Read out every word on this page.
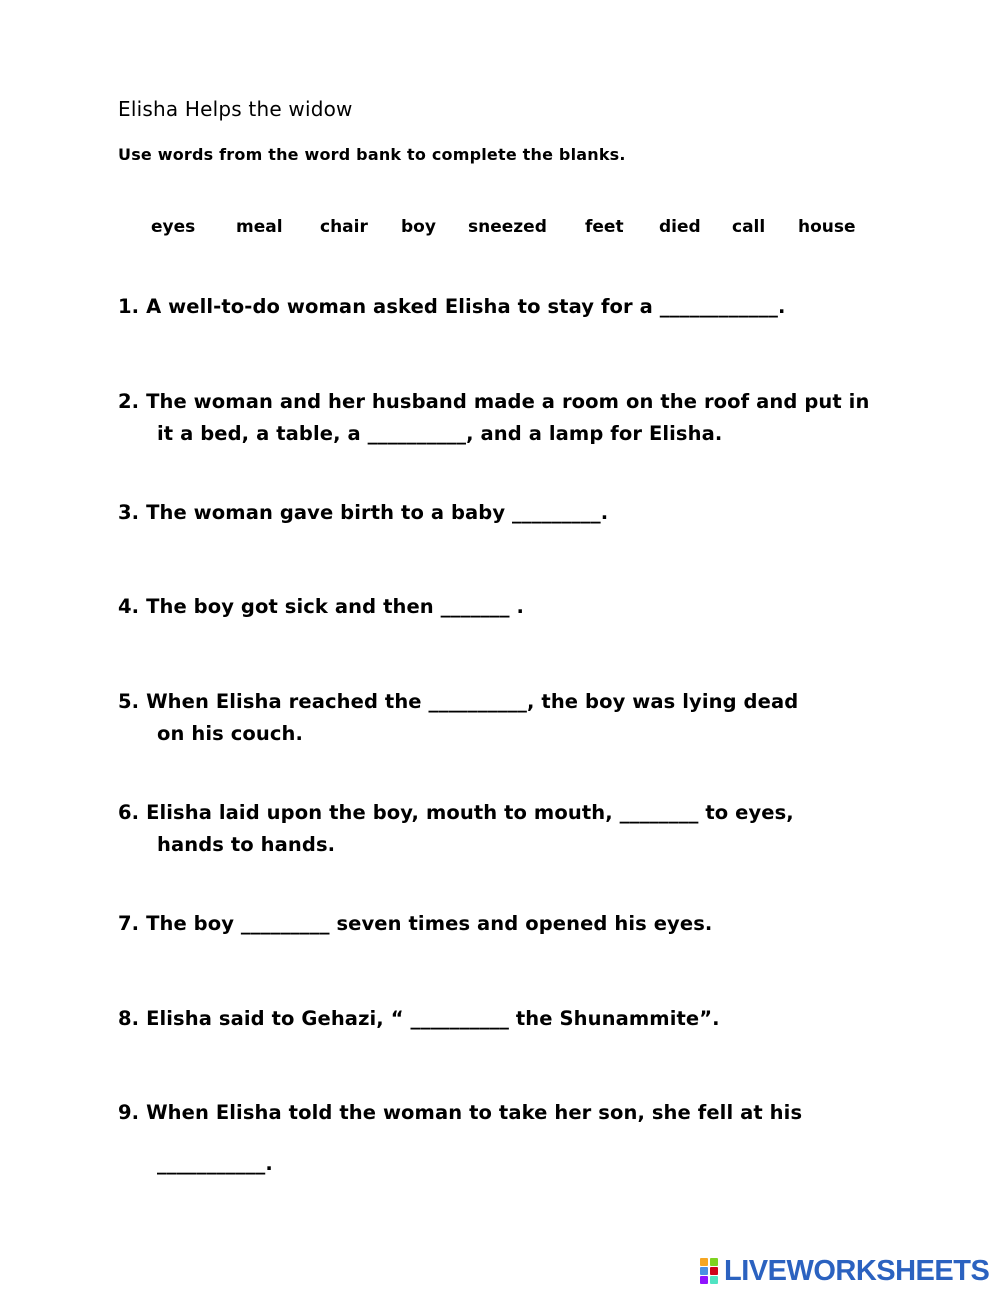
Elisha Helps the widow
Use words from the word bank to complete the blanks.
eyes meal chair boy sneezed feet died call house
1. A well-to-do woman asked Elisha to stay for a ____________.
2. The woman and her husband made a room on the roof and put in
it a bed, a table, a __________, and a lamp for Elisha.
3. The woman gave birth to a baby _________.
4. The boy got sick and then _______ .
5. When Elisha reached the __________, the boy was lying dead
on his couch.
6. Elisha laid upon the boy, mouth to mouth, ________ to eyes,
hands to hands.
7. The boy _________ seven times and opened his eyes.
8. Elisha said to Gehazi, “ __________ the Shunammite”.
9. When Elisha told the woman to take her son, she fell at his
___________.
LIVEWORKSHEETS
